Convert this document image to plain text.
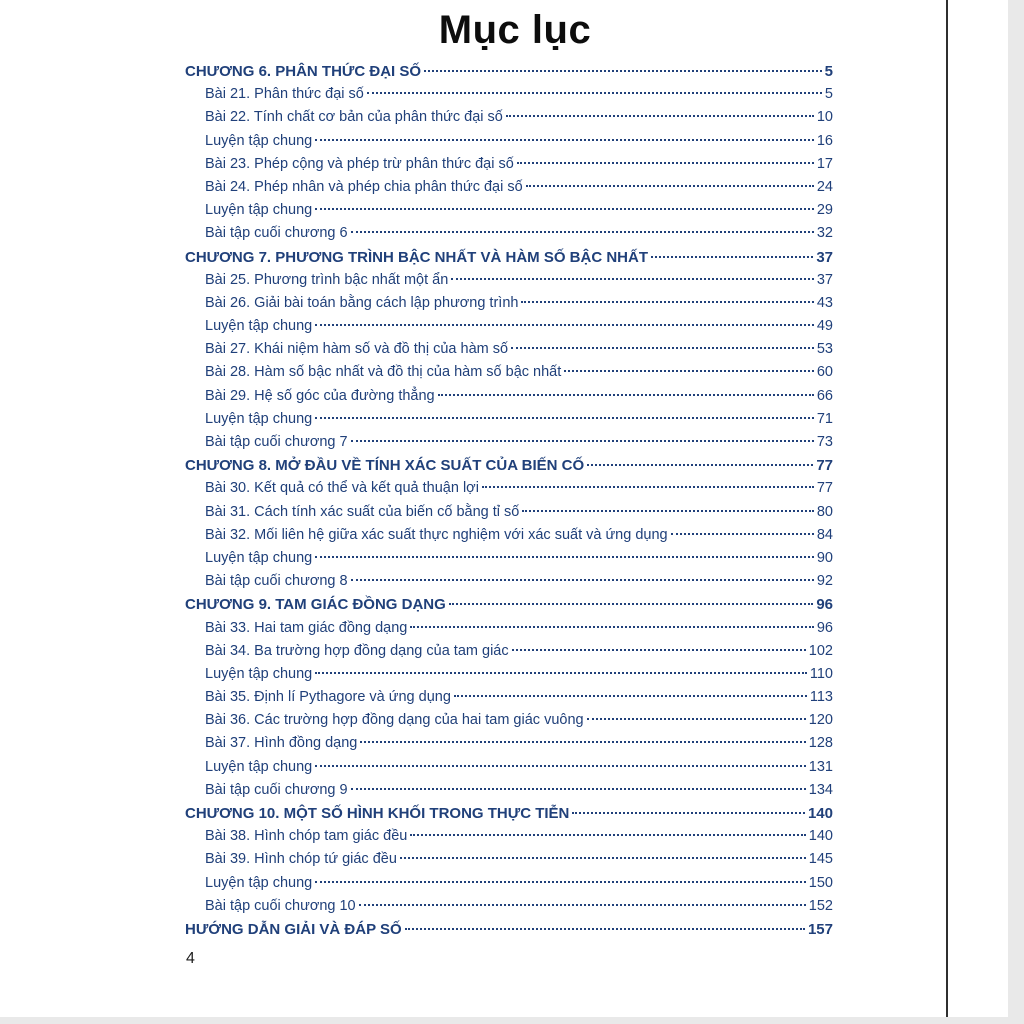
Mục lục
CHƯƠNG 6. PHÂN THỨC ĐẠI SỐ	5
Bài 21. Phân thức đại số	5
Bài 22. Tính chất cơ bản của phân thức đại số	10
Luyện tập chung	16
Bài 23. Phép cộng và phép trừ phân thức đại số	17
Bài 24. Phép nhân và phép chia phân thức đại số	24
Luyện tập chung	29
Bài tập cuối chương 6	32
CHƯƠNG 7. PHƯƠNG TRÌNH BẬC NHẤT VÀ HÀM SỐ BẬC NHẤT	37
Bài 25. Phương trình bậc nhất một ẩn	37
Bài 26. Giải bài toán bằng cách lập phương trình	43
Luyện tập chung	49
Bài 27. Khái niệm hàm số và đồ thị của hàm số	53
Bài 28. Hàm số bậc nhất và đồ thị của hàm số bậc nhất	60
Bài 29. Hệ số góc của đường thẳng	66
Luyện tập chung	71
Bài tập cuối chương 7	73
CHƯƠNG 8. MỞ ĐẦU VỀ TÍNH XÁC SUẤT CỦA BIẾN CỐ	77
Bài 30. Kết quả có thể và kết quả thuận lợi	77
Bài 31. Cách tính xác suất của biến cố bằng tỉ số	80
Bài 32. Mối liên hệ giữa xác suất thực nghiệm với xác suất và ứng dụng	84
Luyện tập chung	90
Bài tập cuối chương 8	92
CHƯƠNG 9. TAM GIÁC ĐỒNG DẠNG	96
Bài 33. Hai tam giác đồng dạng	96
Bài 34. Ba trường hợp đồng dạng của tam giác	102
Luyện tập chung	110
Bài 35. Định lí Pythagore và ứng dụng	113
Bài 36. Các trường hợp đồng dạng của hai tam giác vuông	120
Bài 37. Hình đồng dạng	128
Luyện tập chung	131
Bài tập cuối chương 9	134
CHƯƠNG 10. MỘT SỐ HÌNH KHỐI TRONG THỰC TIỄN	140
Bài 38. Hình chóp tam giác đều	140
Bài 39. Hình chóp tứ giác đều	145
Luyện tập chung	150
Bài tập cuối chương 10	152
HƯỚNG DẪN GIẢI VÀ ĐÁP SỐ	157
4
